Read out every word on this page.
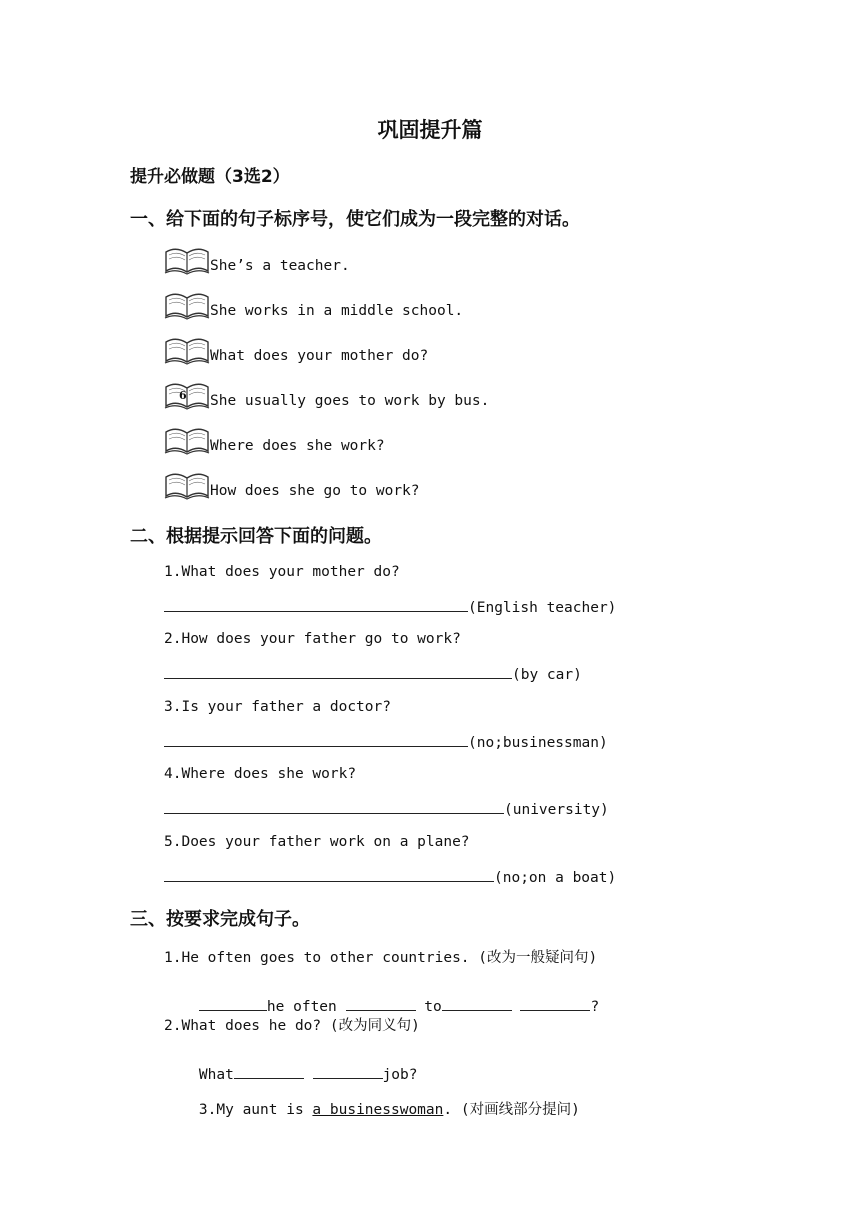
巩固提升篇
提升必做题（3选2）
一、给下面的句子标序号，使它们成为一段完整的对话。
She’s a teacher.
She works in a middle school.
What does your mother do?
6 She usually goes to work by bus.
Where does she work?
How does she go to work?
二、根据提示回答下面的问题。
1.What does your mother do?
(English teacher)
2.How does your father go to work?
(by car)
3.Is your father a doctor?
(no;businessman)
4.Where does she work?
(university)
5.Does your father work on a plane?
(no;on a boat)
三、按要求完成句子。
1.He often goes to other countries. (改为一般疑问句)

he often	to	?

2.What does he do? (改为同义句)

What	job?

3.My aunt is a businesswoman. (对画线部分提问)
